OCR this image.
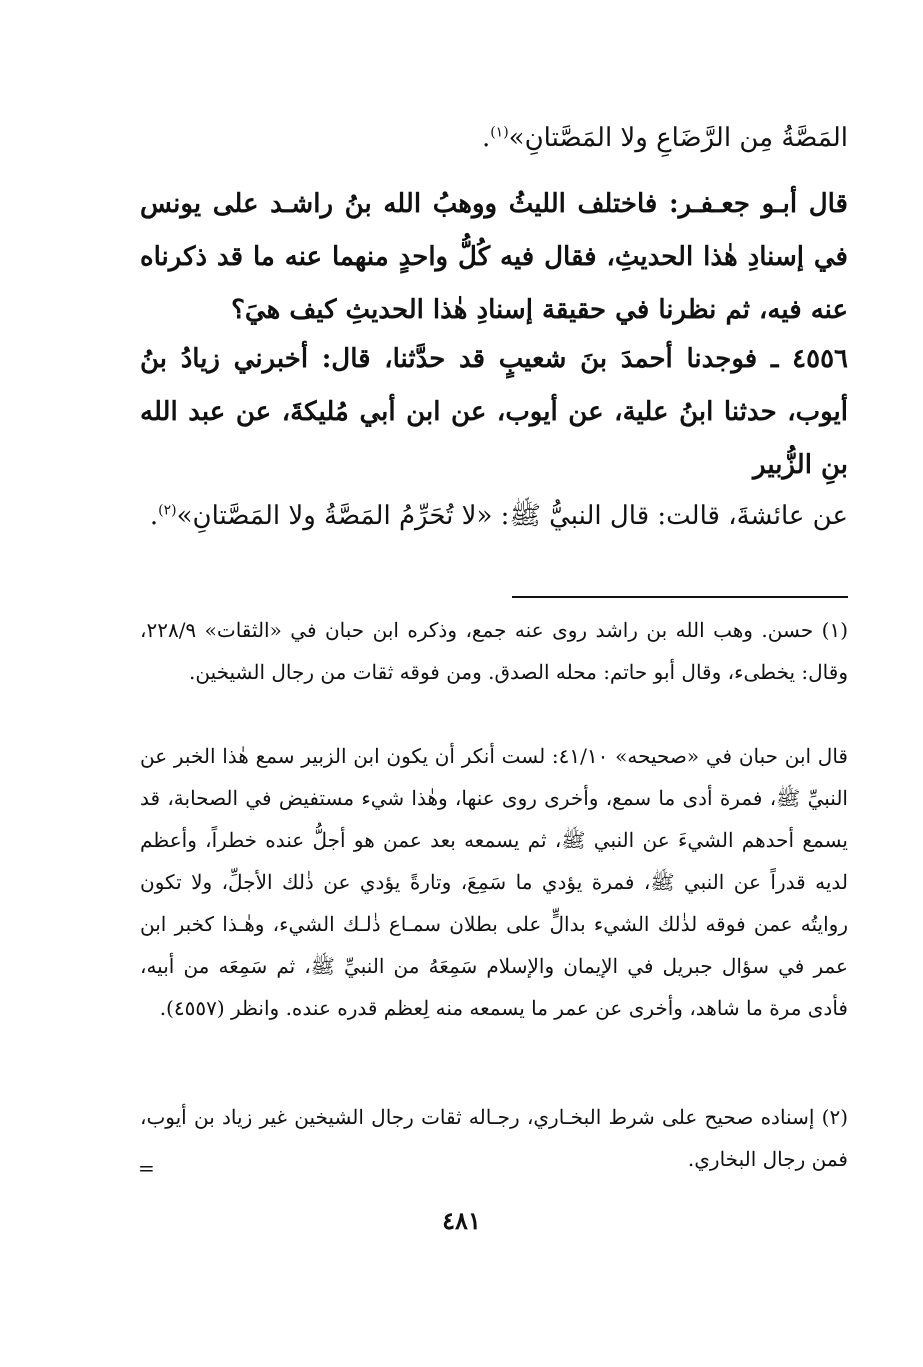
المَصَّةُ مِن الرَّضَاعِ ولا المَصَّتانِ»$^{(١)}$.

قال أبـو جعـفـر: فاختلف الليثُ ووهبُ الله بنُ راشـد على يونس في إسنادِ هٰذا الحديثِ، فقال فيه كُلُّ واحدٍ منهما عنه ما قد ذكرناه عنه فيه، ثم نظرنا في حقيقة إسنادِ هٰذا الحديثِ كيف هيَ؟

٤٥٥٦ ـ فوجدنا أحمدَ بنَ شعيبٍ قد حدَّثنا، قال: أخبرني زيادُ بنُ أيوب، حدثنا ابنُ علية، عن أيوب، عن ابن أبي مُليكةَ، عن عبد الله بنِ الزُّبير

عن عائشةَ، قالت: قال النبيُّ ﷺ: «لا تُحَرِّمُ المَصَّةُ ولا المَصَّتانِ»$^{(٢)}$.

(١) حسن. وهب الله بن راشد روى عنه جمع، وذكره ابن حبان في «الثقات» ٢٢٨/٩، وقال: يخطىء، وقال أبو حاتم: محله الصدق. ومن فوقه ثقات من رجال الشيخين.

قال ابن حبان في «صحيحه» ٤١/١٠: لست أنكر أن يكون ابن الزبير سمع هٰذا الخبر عن النبيِّ ﷺ، فمرة أدى ما سمع، وأخرى روى عنها، وهٰذا شيء مستفيض في الصحابة، قد يسمع أحدهم الشيءَ عن النبي ﷺ، ثم يسمعه بعد عمن هو أجلُّ عنده خطراً، وأعظم لديه قدراً عن النبي ﷺ، فمرة يؤدي ما سَمِعَ، وتارةً يؤدي عن ذٰلك الأجلِّ، ولا تكون روايتُه عمن فوقه لذٰلك الشيء بدالٍّ على بطلان سمـاع ذٰلـك الشيء، وهٰـذا كخبر ابن عمر في سؤال جبريل في الإيمان والإسلام سَمِعَهُ من النبيِّ ﷺ، ثم سَمِعَه من أبيه، فأدى مرة ما شاهد، وأخرى عن عمر ما يسمعه منه لِعظم قدره عنده. وانظر (٤٥٥٧).

(٢) إسناده صحيح على شرط البخـاري، رجـاله ثقات رجال الشيخين غير زياد بن أيوب، فمن رجال البخاري.

=
٤٨١
